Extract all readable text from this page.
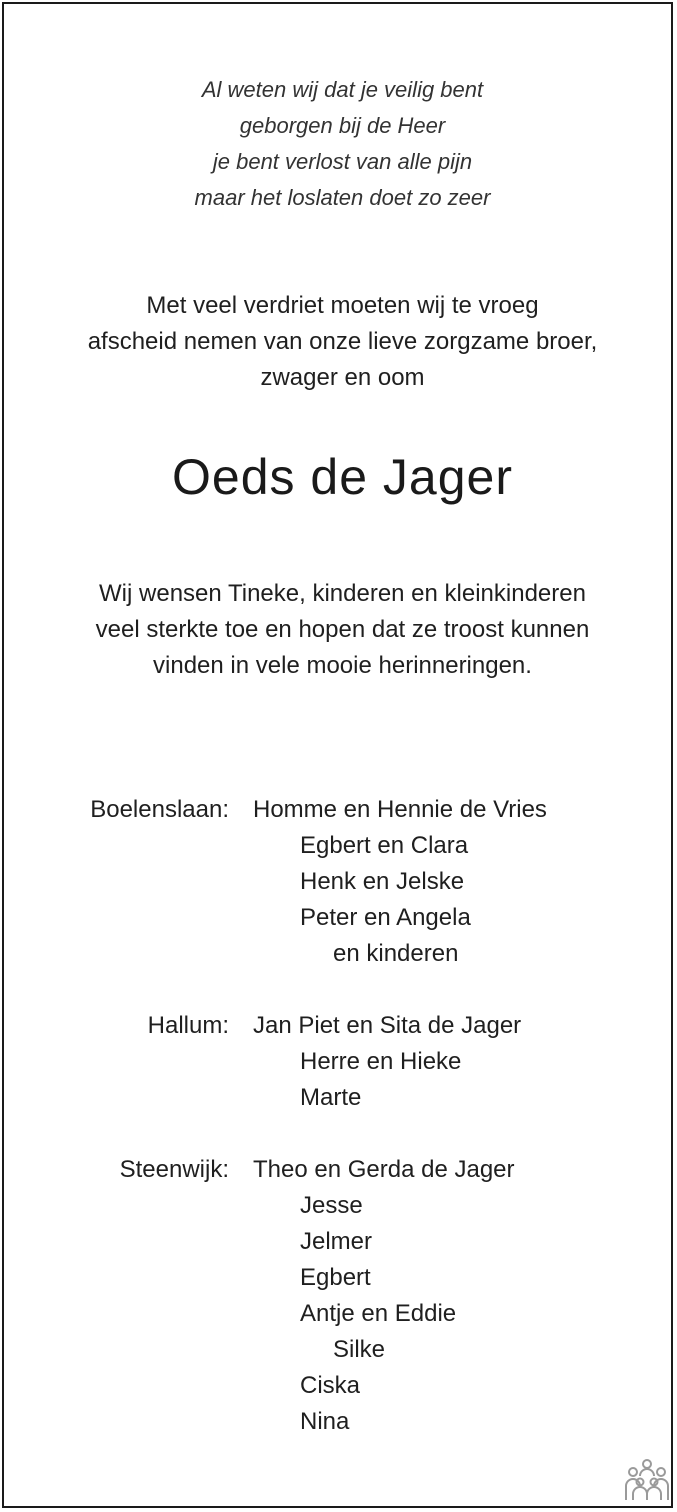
Al weten wij dat je veilig bent
geborgen bij de Heer
je bent verlost van alle pijn
maar het loslaten doet zo zeer
Met veel verdriet moeten wij te vroeg
afscheid nemen van onze lieve zorgzame broer,
zwager en oom
Oeds de Jager
Wij wensen Tineke, kinderen en kleinkinderen
veel sterkte toe en hopen dat ze troost kunnen
vinden in vele mooie herinneringen.
Boelenslaan: Homme en Hennie de Vries
Egbert en Clara
Henk en Jelske
Peter en Angela
en kinderen
Hallum: Jan Piet en Sita de Jager
Herre en Hieke
Marte
Steenwijk: Theo en Gerda de Jager
Jesse
Jelmer
Egbert
Antje en Eddie
Silke
Ciska
Nina
